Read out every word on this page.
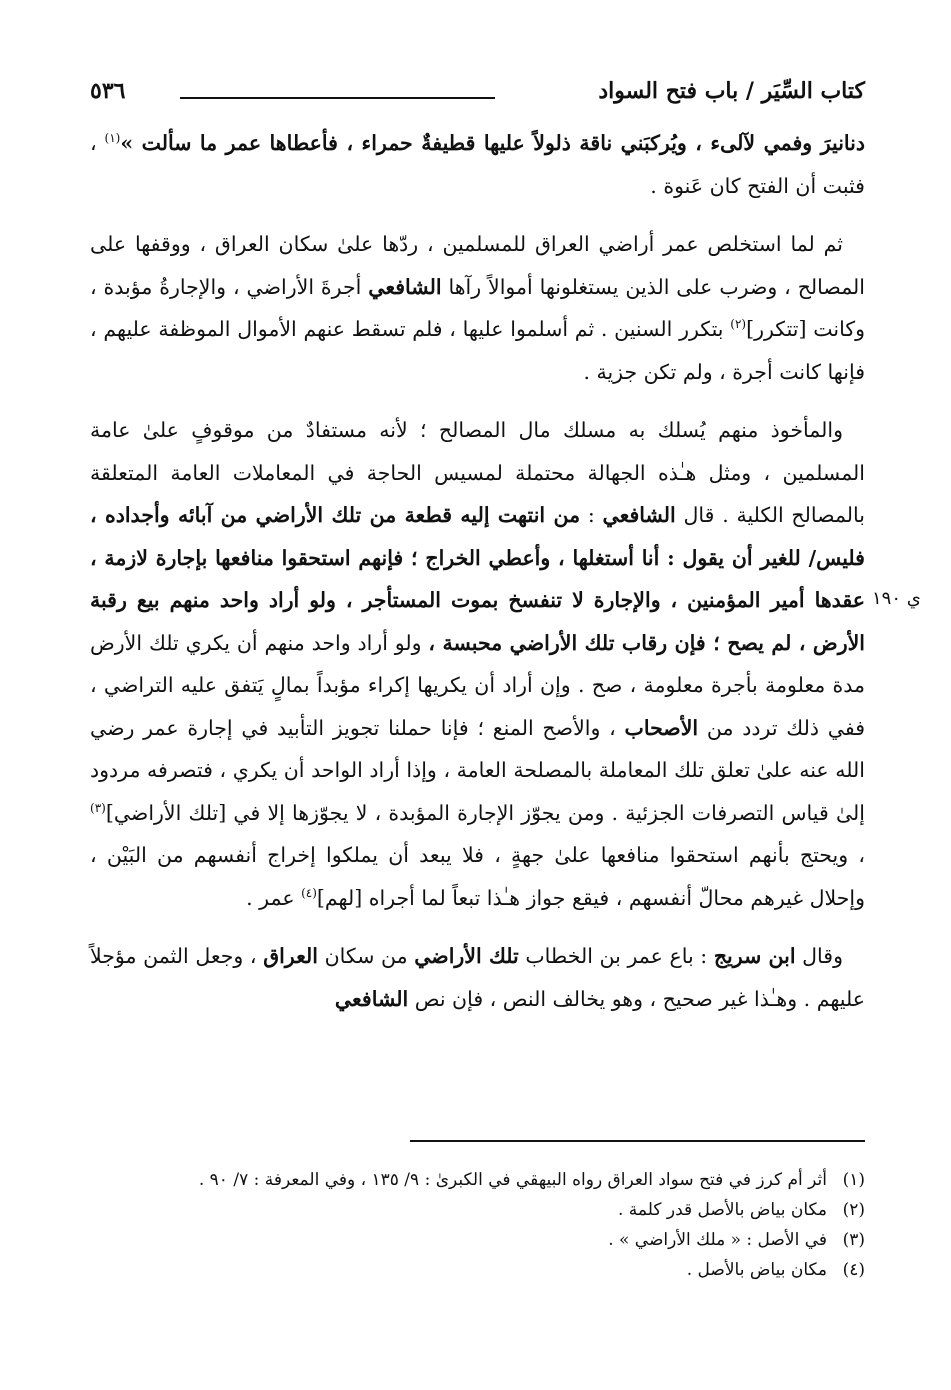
كتاب السِّيَر / باب فتح السواد
٥٣٦

دنانيرَ وفمي لآلىء ، ويُركبَني ناقة ذلولاً عليها قطيفةٌ حمراء ، فأعطاها عمر ما سألت »$^{(١)}$ ، فثبت أن الفتح كان عَنوة .

ثم لما استخلص عمر أراضي العراق للمسلمين ، ردّها علىٰ سكان العراق ، ووقفها على المصالح ، وضرب على الذين يستغلونها أموالاً رآها الشافعي أجرةَ الأراضي ، والإجارةُ مؤبدة ، وكانت [تتكرر]$^{(٢)}$ بتكرر السنين . ثم أسلموا عليها ، فلم تسقط عنهم الأموال الموظفة عليهم ، فإنها كانت أجرة ، ولم تكن جزية .

والمأخوذ منهم يُسلك به مسلك مال المصالح ؛ لأنه مستفادٌ من موقوفٍ علىٰ عامة المسلمين ، ومثل هـٰذه الجهالة محتملة لمسيس الحاجة في المعاملات العامة المتعلقة بالمصالح الكلية . قال الشافعي : من انتهت إليه قطعة من تلك الأراضي من آبائه وأجداده ، فليس/ للغير أن يقول : أنا أستغلها ، وأعطي الخراج ؛ فإنهم استحقوا منافعها بإجارة لازمة ، عقدها أمير المؤمنين ، والإجارة لا تنفسخ بموت المستأجر ، ولو أراد واحد منهم بيع رقبة الأرض ، لم يصح ؛ فإن رقاب تلك الأراضي محبسة ، ولو أراد واحد منهم أن يكري تلك الأرض مدة معلومة بأجرة معلومة ، صح . وإن أراد أن يكريها إكراء مؤبداً بمالٍ يَتفق عليه التراضي ، ففي ذلك تردد من الأصحاب ، والأصح المنع ؛ فإنا حملنا تجويز التأبيد في إجارة عمر رضي الله عنه علىٰ تعلق تلك المعاملة بالمصلحة العامة ، وإذا أراد الواحد أن يكري ، فتصرفه مردود إلىٰ قياس التصرفات الجزئية . ومن يجوّز الإجارة المؤبدة ، لا يجوّزها إلا في [تلك الأراضي]$^{(٣)}$ ، ويحتج بأنهم استحقوا منافعها علىٰ جهةٍ ، فلا يبعد أن يملكوا إخراج أنفسهم من البَيْن ، وإحلال غيرهم محالّ أنفسهم ، فيقع جواز هـٰذا تبعاً لما أجراه [لهم]$^{(٤)}$ عمر .

وقال ابن سريج : باع عمر بن الخطاب تلك الأراضي من سكان العراق ، وجعل الثمن مؤجلاً عليهم . وهـٰذا غير صحيح ، وهو يخالف النص ، فإن نص الشافعي

(١)أثر أم كرز في فتح سواد العراق رواه البيهقي في الكبرىٰ : ٩/ ١٣٥ ، وفي المعرفة : ٧/ ٩٠ .

(٢)مكان بياض بالأصل قدر كلمة .

(٣)في الأصل : « ملك الأراضي » .

(٤)مكان بياض بالأصل .

ي ١٩٠
